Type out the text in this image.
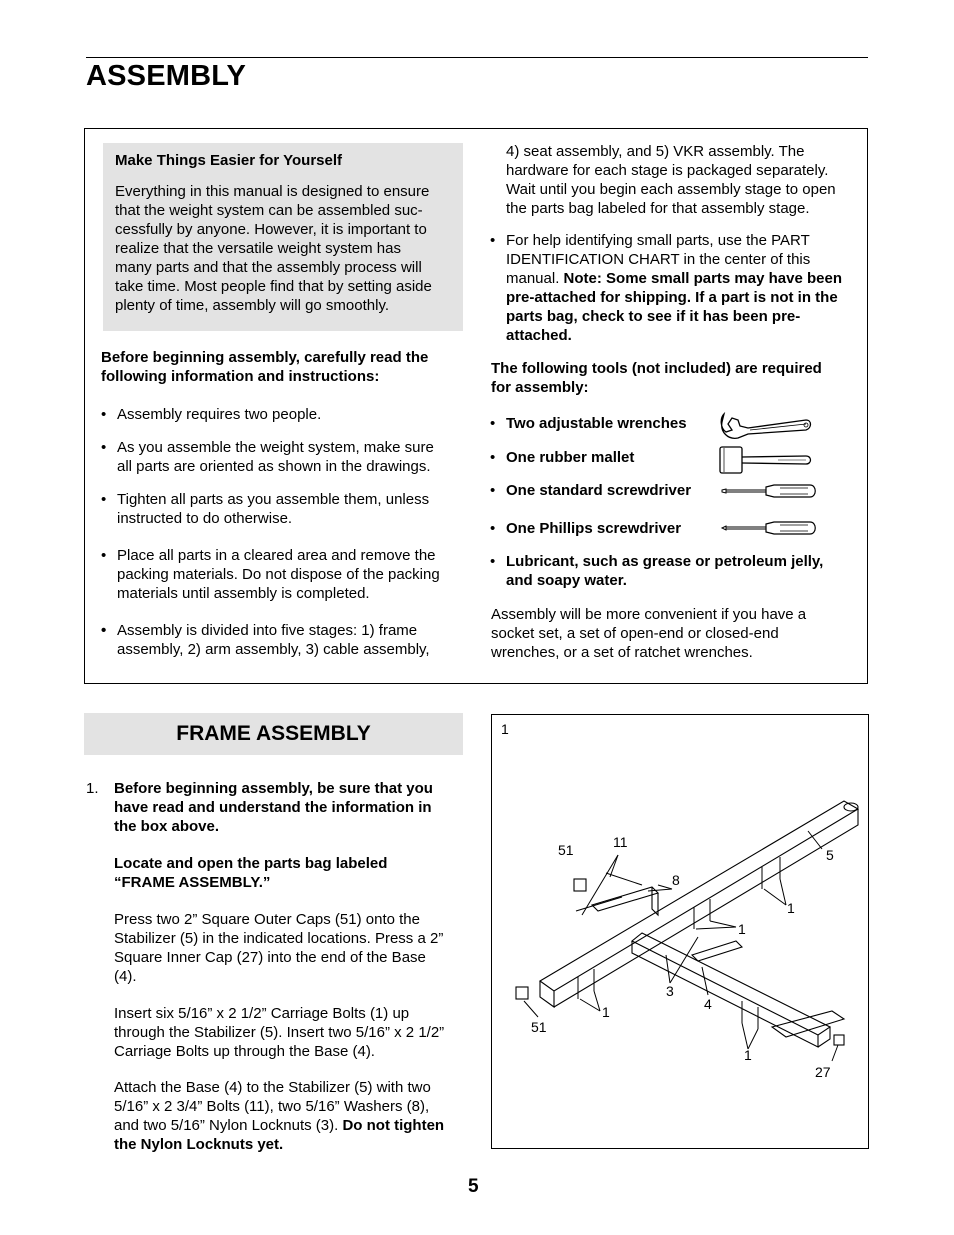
ASSEMBLY
Make Things Easier for Yourself
Everything in this manual is designed to ensure
that the weight system can be assembled suc-
cessfully by anyone. However, it is important to
realize that the versatile weight system has
many parts and that the assembly process will
take time. Most people find that by setting aside
plenty of time, assembly will go smoothly.
Before beginning assembly, carefully read the
following information and instructions:
• Assembly requires two people.
• As you assemble the weight system, make sure
all parts are oriented as shown in the drawings.
• Tighten all parts as you assemble them, unless
instructed to do otherwise.
• Place all parts in a cleared area and remove the
packing materials. Do not dispose of the packing
materials until assembly is completed.
• Assembly is divided into five stages: 1) frame
assembly, 2) arm assembly, 3) cable assembly,
4) seat assembly, and 5) VKR assembly. The
hardware for each stage is packaged separately.
Wait until you begin each assembly stage to open
the parts bag labeled for that assembly stage.
• For help identifying small parts, use the PART
IDENTIFICATION CHART in the center of this
manual. Note: Some small parts may have been
pre-attached for shipping. If a part is not in the
parts bag, check to see if it has been pre-
attached.
The following tools (not included) are required
for assembly:
• Two adjustable wrenches
• One rubber mallet
• One standard screwdriver
• One Phillips screwdriver
• Lubricant, such as grease or petroleum jelly,
and soapy water.
Assembly will be more convenient if you have a
socket set, a set of open-end or closed-end
wrenches, or a set of ratchet wrenches.
FRAME ASSEMBLY
1. Before beginning assembly, be sure that you
have read and understand the information in
the box above.
Locate and open the parts bag labeled
“FRAME ASSEMBLY.”
Press two 2” Square Outer Caps (51) onto the
Stabilizer (5) in the indicated locations. Press a 2”
Square Inner Cap (27) into the end of the Base
(4).
Insert six 5/16” x 2 1/2” Carriage Bolts (1) up
through the Stabilizer (5). Insert two 5/16” x 2 1/2”
Carriage Bolts up through the Base (4).
Attach the Base (4) to the Stabilizer (5) with two
5/16” x 2 3/4” Bolts (11), two 5/16” Washers (8),
and two 5/16” Nylon Locknuts (3). Do not tighten
the Nylon Locknuts yet.
1
51	11
5
8
1
1
3
4
1
51
1
27
5
